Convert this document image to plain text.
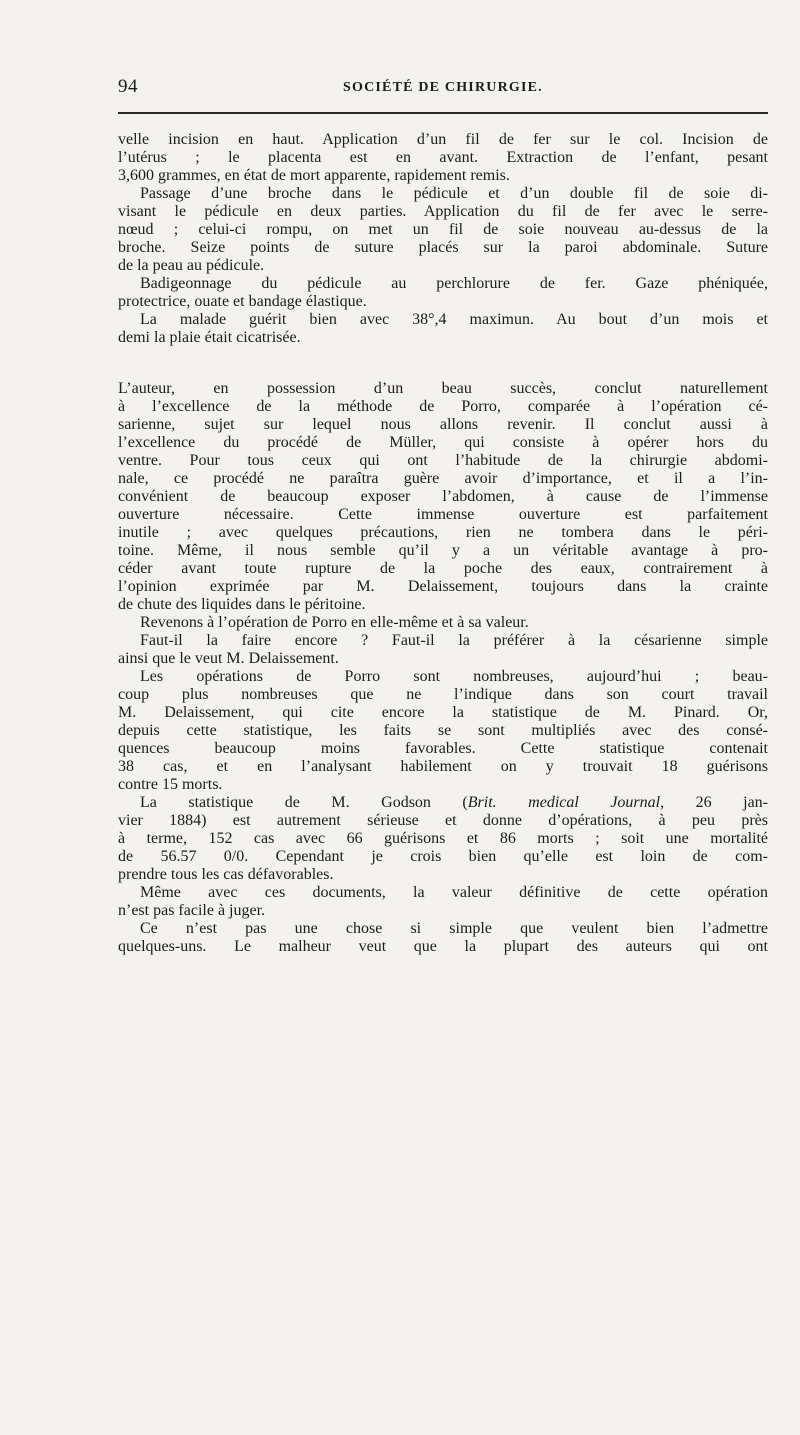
94	SOCIÉTÉ DE CHIRURGIE.
velle incision en haut. Application d’un fil de fer sur le col. Incision de
l’utérus ; le placenta est en avant. Extraction de l’enfant, pesant
3,600 grammes, en état de mort apparente, rapidement remis.
Passage d’une broche dans le pédicule et d’un double fil de soie di-
visant le pédicule en deux parties. Application du fil de fer avec le serre-
nœud ; celui-ci rompu, on met un fil de soie nouveau au-dessus de la
broche. Seize points de suture placés sur la paroi abdominale. Suture
de la peau au pédicule.
Badigeonnage du pédicule au perchlorure de fer. Gaze phéniquée,
protectrice, ouate et bandage élastique.
La malade guérit bien avec 38°,4 maximun. Au bout d’un mois et
demi la plaie était cicatrisée.
L’auteur, en possession d’un beau succès, conclut naturellement
à l’excellence de la méthode de Porro, comparée à l’opération cé-
sarienne, sujet sur lequel nous allons revenir. Il conclut aussi à
l’excellence du procédé de Müller, qui consiste à opérer hors du
ventre. Pour tous ceux qui ont l’habitude de la chirurgie abdomi-
nale, ce procédé ne paraîtra guère avoir d’importance, et il a l’in-
convénient de beaucoup exposer l’abdomen, à cause de l’immense
ouverture nécessaire. Cette immense ouverture est parfaitement
inutile ; avec quelques précautions, rien ne tombera dans le péri-
toine. Même, il nous semble qu’il y a un véritable avantage à pro-
céder avant toute rupture de la poche des eaux, contrairement à
l’opinion exprimée par M. Delaissement, toujours dans la crainte
de chute des liquides dans le péritoine.
Revenons à l’opération de Porro en elle-même et à sa valeur.
Faut-il la faire encore ? Faut-il la préférer à la césarienne simple
ainsi que le veut M. Delaissement.
Les opérations de Porro sont nombreuses, aujourd’hui ; beau-
coup plus nombreuses que ne l’indique dans son court travail
M. Delaissement, qui cite encore la statistique de M. Pinard. Or,
depuis cette statistique, les faits se sont multipliés avec des consé-
quences beaucoup moins favorables. Cette statistique contenait
38 cas, et en l’analysant habilement on y trouvait 18 guérisons
contre 15 morts.
La statistique de M. Godson (Brit. medical Journal, 26 jan-
vier 1884) est autrement sérieuse et donne d’opérations, à peu près
à terme, 152 cas avec 66 guérisons et 86 morts ; soit une mortalité
de 56.57 0/0. Cependant je crois bien qu’elle est loin de com-
prendre tous les cas défavorables.
Même avec ces documents, la valeur définitive de cette opération
n’est pas facile à juger.
Ce n’est pas une chose si simple que veulent bien l’admettre
quelques-uns. Le malheur veut que la plupart des auteurs qui ont
